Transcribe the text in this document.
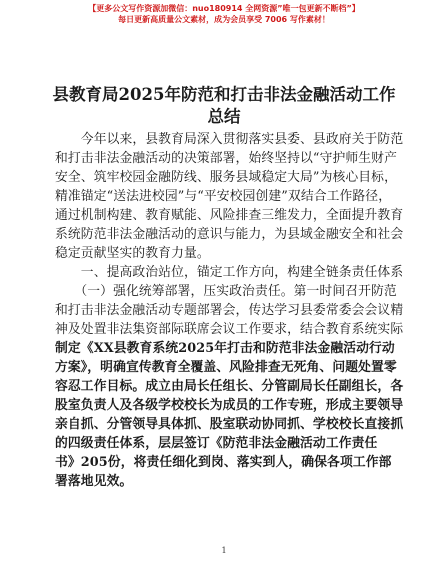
【更多公文写作资源加微信：nuo180914 全网资源”唯一包更新不断档”】
每日更新高质量公文素材，成为会员享受 7006 写作素材！
县教育局2025年防范和打击非法金融活动工作
总结
　　今年以来，县教育局深入贯彻落实县委、县政府关于防范
和打击非法金融活动的决策部署，始终坚持以“守护师生财产
安全、筑牢校园金融防线、服务县域稳定大局”为核心目标，
精准锚定“送法进校园”与“平安校园创建”双结合工作路径，
通过机制构建、教育赋能、风险排查三维发力，全面提升教育
系统防范非法金融活动的意识与能力，为县域金融安全和社会
稳定贡献坚实的教育力量。
　　一、提高政治站位，锚定工作方向，构建全链条责任体系
　　（一）强化统筹部署，压实政治责任。第一时间召开防范
和打击非法金融活动专题部署会，传达学习县委常委会会议精
神及处置非法集资部际联席会议工作要求，结合教育系统实际
制定《XX县教育系统2025年打击和防范非法金融活动行动
方案》，明确宣传教育全覆盖、风险排查无死角、问题处置零
容忍工作目标。成立由局长任组长、分管副局长任副组长，各
股室负责人及各级学校校长为成员的工作专班，形成主要领导
亲自抓、分管领导具体抓、股室联动协同抓、学校校长直接抓
的四级责任体系，层层签订《防范非法金融活动工作责任
书》205份，将责任细化到岗、落实到人，确保各项工作部
署落地见效。
1
